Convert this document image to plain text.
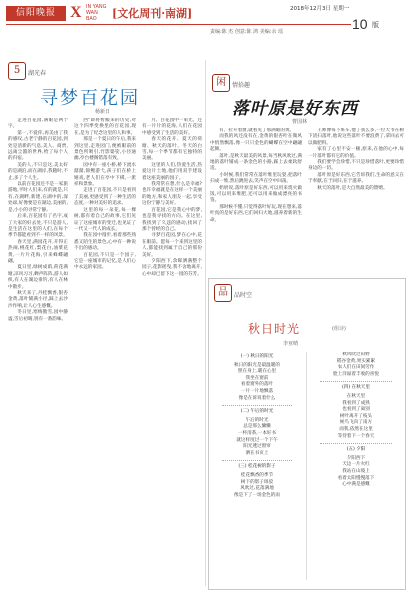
信阳晚报 X IN YANG WAN BAO	[文化周刊·南湖]	2018年12月3日 星期一
10 版
责编:陈 杰 创意:陈 鸿 美编:余 瑶
5	湖光春
寻梦百花园
杨新日

走进百花园,满眼是两个字。

第一,不爱你,再美由了我的感叹,古老宁静的百花园,到处是清新的气息,美人、商贾,远离尘嚣的世界,给了每个人的归宿。

美的人,不只是这,美太好的是湖泊,而在湖岸,我随时,不止,多了个人生。

以前百花园还不是一家旅游地,平时人们来,有的就是,只有,在湖畔,新建,在湖中的,深处却,好像要是在湖边,美丽的,是,小小的寻常宁静。

后来,百花园有了名字,成了大家的好去处,不只是游人,是生活在这里的人们,在每个季节都能看到不一样的风景。

春天里,满园花开,开得正热闹,桃花红,梨花白,油菜花黄,一片片花海,引来蜂蝶翩翩。

夏日里,绿树成荫,荷花满塘,凉风习习,蝉声阵阵,游人如织,有人在湖边垂钓,有人在林中散步。

秋天来了,丹桂飘香,银杏金黄,落叶铺满小径,踩上去沙沙作响,让人心生感慨。

冬日里,寒梅傲雪,园中静谧,雪后初晴,别有一番韵味。

西"即将暂搬来的历史,对这个四季变换里的百花园,现在,是为了纪念这里的人和事。

那是一个夏日的午后,我来到这里,走进园门,便被眼前的景色所吸引,竹影婆娑,小径通幽,亭台楼阁错落有致。

园中有一座小桥,桥下流水潺潺,锦鲤游弋,孩子们在桥上嬉戏,老人们在亭中下棋,一派祥和景象。

走进了百花园,不只是看到了美丽,更感受到了一种生活的态度,一种对美好的追求。

这里的每一朵花,每一棵树,都有着自己的故事,它们见证了这座城市的变迁,也见证了一代又一代人的成长。

我在园中漫步,看着那些熟悉又陌生的景色,心中有一种说不出的感动。

百花园,不只是一个园子,它是一座城市的记忆,是人们心中永远的家园。

月、百花园中一束光、还有一片片的花海,人们在花园中感受到了生活的美好。

春天的花开、夏天的荷塘、秋天的落叶、冬天的白雪,每一个季节都有它独特的美丽。

这里的人们,热爱生活,热爱这片土地,他们用双手建设着这座美丽的园子。

我常常在想,什么是幸福?也许幸福就是在这样一个美丽的地方,和家人朋友一起,享受这份宁静与美好。

百花园,它是我心中的梦,也是我寻找的方向。在这里,我找到了久违的感动,找回了那个曾经的自己。

寻梦百花园,梦在心中,花在眼前。愿每一个来到这里的人,都能找到属于自己的那份美好。

夕阳西下,余晖洒满整个园子,花影摇曳,我不舍地离开,心中却已留下这一园的芬芳。

闲	情拾趣
落叶原是好东西
曹国林

有、拉开着窗,就看见了那满眼的黄。

而我的风还没有在,金黄的银杏叶在微风中悄然飘落,像一只只金色的蝴蝶在空中翩翩起舞。

落叶,是秋天最美的风景,每当秋风吹过,满地的落叶铺成一条金色的小路,踩上去柔软舒适。

小时候,我们常常在落叶堆里玩耍,把落叶扫成一堆,然后跳进去,笑声在空中回荡。

奶奶说,落叶原是好东西,可以用来烧火做饭,可以用来堆肥,还可以用来做成漂亮的书签。

那时候不懂,只觉得落叶好玩,现在想来,落叶真的是好东西,它们回归大地,滋养着新的生命。

王师傅每下班车,他了我么多,一位大爷在树下清扫落叶,他说这些落叶不要浪费了,拿回去可以做肥料。

家有了心里不安一顿,原来,在他的心中,每一片落叶都有它的价值。

我们要学会珍惜,不只是珍惜落叶,更要珍惜身边的一切。

落叶原是好东西,它告诉我们,生命的意义在于奉献,在于回归,在于滋养。

秋天的落叶,是大自然最美的馈赠。

品	品时空
秋日时光	(组诗)
李亚晴
(一) 秋日的阳光
秋日的阳光是最温暖的
照在身上,暖在心里
我坐在窗前
看着窗外的落叶
一片一片地飘落
像是在诉说着什么
(二) 午后的时光
午后的时光
总是那么慵懒
一杯清茶,一本好书
就这样度过一个下午
阳光透过窗帘
洒在书页上
(三) 桂花树的影子
桂花飘香的季节
树下的影子斑驳
风吹过,花落满地
像是下了一场金色的雨
秋风吹过田野
稻谷金黄,果实累累
农人们在田间劳作
脸上洋溢着丰收的喜悦
(四) 在秋天里
在秋天里
我看到了成熟
也看到了离别
树叶离开了枝头
候鸟飞向了南方
而我,依然在这里
等待着下一个春天
(五) 夕阳
夕阳西下
天边一片火红
我站在山坡上
看着太阳慢慢落下
心中满是感慨
